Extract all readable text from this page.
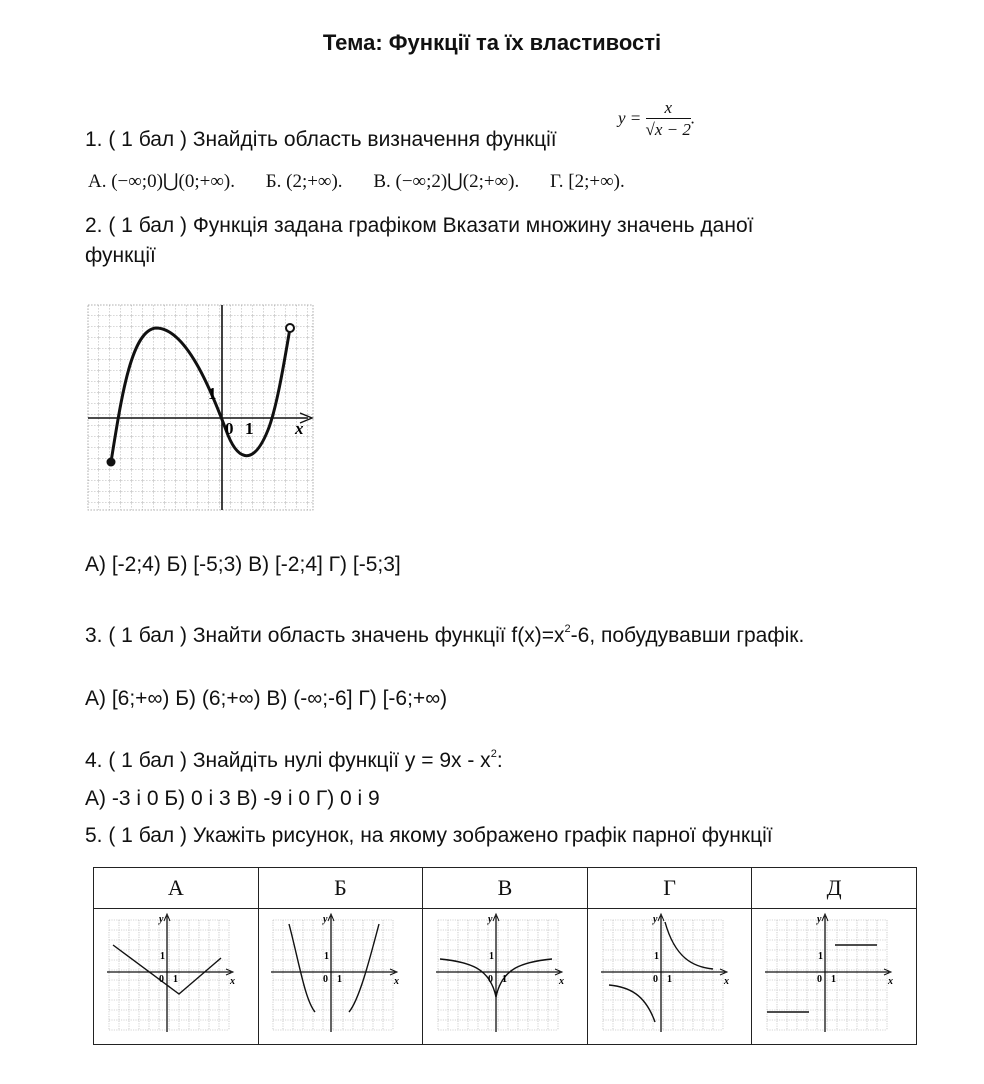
Тема: Функції та їх властивості
1. ( 1 бал ) Знайдіть область визначення функції
$y = \frac{x}{√x - 2}$ .
А. (−∞;0)⋃(0;+∞). Б. (2;+∞). В. (−∞;2)⋃(2;+∞). Г. [2;+∞).
2. ( 1 бал ) Функція задана графіком Вказати множину значень даної
функції
1
0 1 x
А) [-2;4) Б) [-5;3) В) [-2;4] Г) [-5;3]
3. ( 1 бал ) Знайти область значень функції $f(x)=x^2-6$, побудувавши графік.
А) [6;+∞) Б) (6;+∞) В) (-∞;-6] Г) [-6;+∞)
4. ( 1 бал ) Знайдіть нулі функції $y = 9x - x^2$:
А) -3 і 0 Б) 0 і 3 В) -9 і 0 Г) 0 і 9
5. ( 1 бал ) Укажіть рисунок, на якому зображено графік парної функції
А	Б	В	Г	Д

y
x
1
0 1	y
x
1
0 1	y
x
1
0 1	y
x
1
0 1	y
x
1
0 1
